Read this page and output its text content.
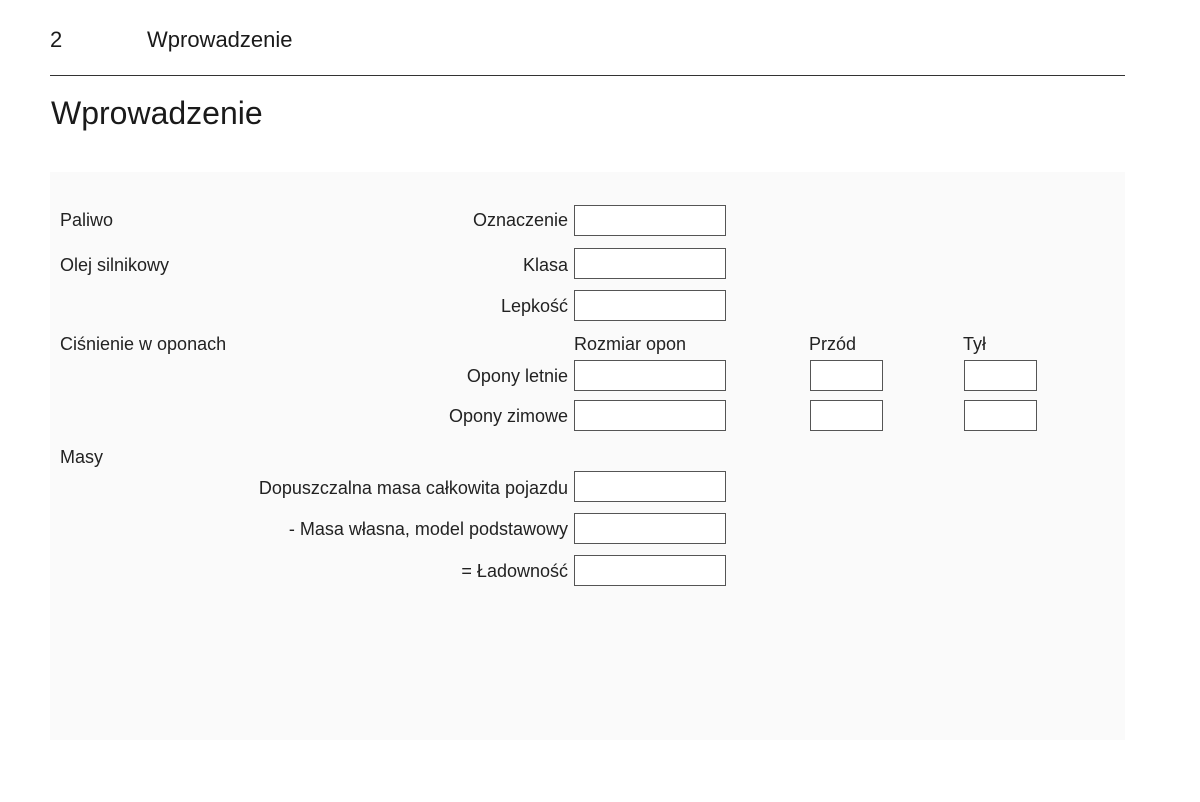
2	Wprowadzenie
Wprowadzenie
Paliwo	Oznaczenie
Olej silnikowy	Klasa
Lepkość
Ciśnienie w oponach	Rozmiar opon	Przód	Tył
Opony letnie
Opony zimowe
Masy
Dopuszczalna masa całkowita pojazdu
- Masa własna, model podstawowy
= Ładowność
